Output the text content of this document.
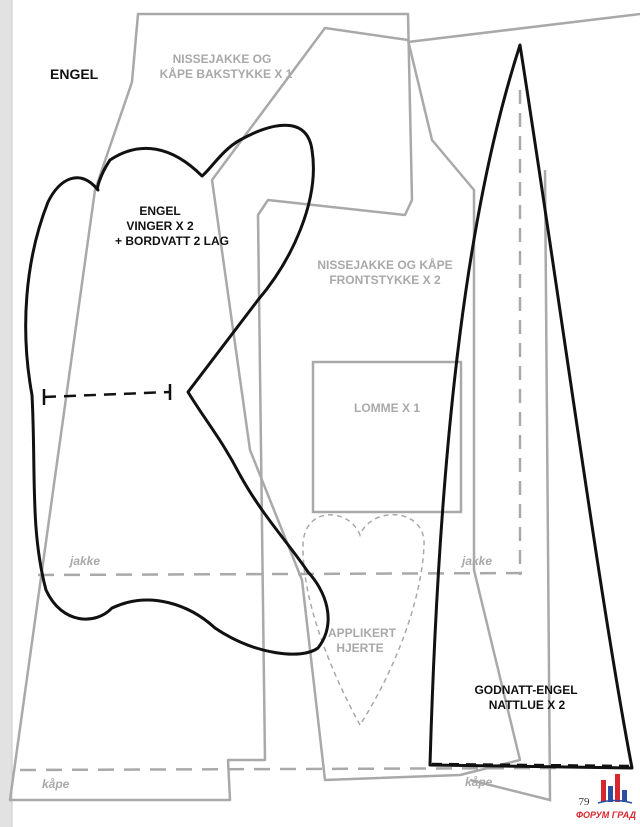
ENGEL
NISSEJAKKE OG
KÅPE BAKSTYKKE X 1
ENGEL
VINGER X 2
+ BORDVATT 2 LAG
NISSEJAKKE OG KÅPE
FRONTSTYKKE X 2
LOMME X 1
APPLIKERT
HJERTE
GODNATT-ENGEL
NATTLUE X 2
jakke	jakke
kåpe	kåpe
79
ФОРУМ ГРАД
